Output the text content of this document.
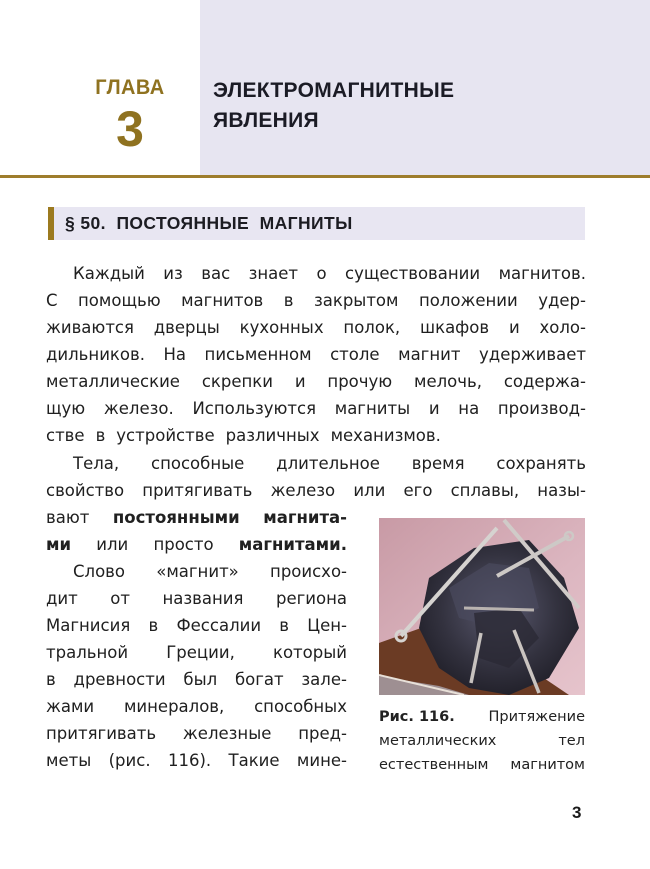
ГЛАВА
3
ЭЛЕКТРОМАГНИТНЫЕ
ЯВЛЕНИЯ
§ 50.  ПОСТОЯННЫЕ  МАГНИТЫ
Каждый из вас знает о существовании магнитов.
С помощью магнитов в закрытом положении удер-
живаются дверцы кухонных полок, шкафов и холо-
дильников. На письменном столе магнит удерживает
металлические скрепки и прочую мелочь, содержа-
щую железо. Используются магниты и на производ-
стве в устройстве различных механизмов.
Тела, способные длительное время сохранять
свойство притягивать железо или его сплавы, назы-
вают постоянными магнита-
ми или просто магнитами.
Слово «магнит» происхо-
дит от названия региона
Магнисия в Фессалии в Цен-
тральной Греции, который
в древности был богат зале-
жами минералов, способных
притягивать железные пред-
меты (рис. 116). Такие мине-
Рис. 116. Притяжение
металлических	тел
естественным магнитом
3
